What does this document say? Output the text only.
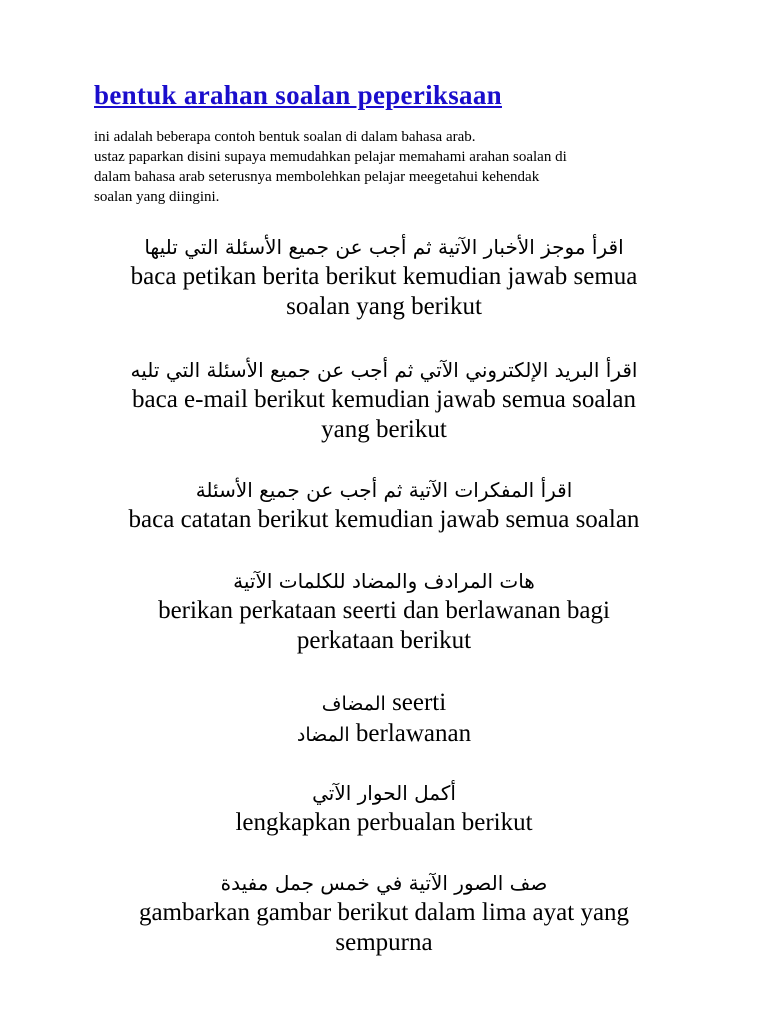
bentuk arahan soalan peperiksaan
ini adalah beberapa contoh bentuk soalan di dalam bahasa arab.
ustaz paparkan disini supaya memudahkan pelajar memahami arahan soalan di
dalam bahasa arab seterusnya membolehkan pelajar meegetahui kehendak
soalan yang diingini.
اقرأ موجز الأخبار الآتية ثم أجب عن جميع الأسئلة التي تليها
baca petikan berita berikut kemudian jawab semua
soalan yang berikut
اقرأ البريد الإلكتروني الآتي ثم أجب عن جميع الأسئلة التي تليه
baca e-mail berikut kemudian jawab semua soalan
yang berikut
اقرأ المفكرات الآتية ثم أجب عن جميع الأسئلة
baca catatan berikut kemudian jawab semua soalan
هات المرادف والمضاد للكلمات الآتية
berikan perkataan seerti dan berlawanan bagi
perkataan berikut
المضاف seerti
المضاد berlawanan
أكمل الحوار الآتي
lengkapkan perbualan berikut
صف الصور الآتية في خمس جمل مفيدة
gambarkan gambar berikut dalam lima ayat yang
sempurna
